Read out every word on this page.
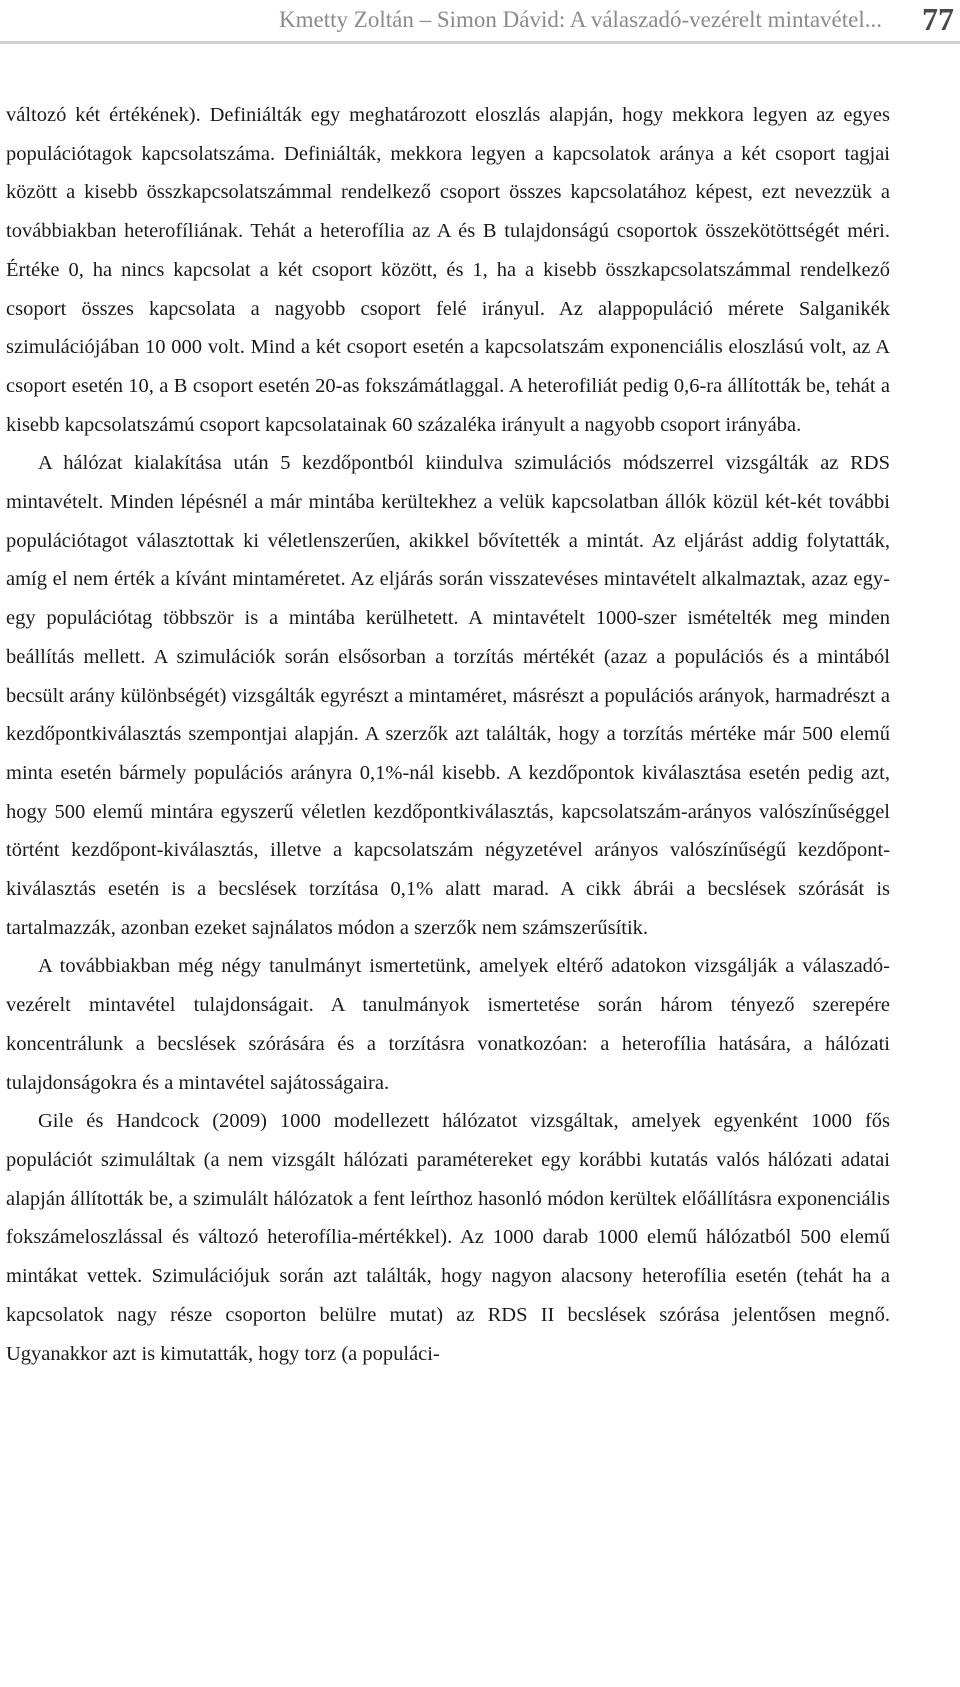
Kmetty Zoltán – Simon Dávid: A válaszadó-vezérelt mintavétel... 77

változó két értékének). Definiálták egy meghatározott eloszlás alapján, hogy mekkora legyen az egyes populációtagok kapcsolatszáma. Definiálták, mekkora legyen a kapcsolatok aránya a két csoport tagjai között a kisebb összkapcsolatszámmal rendelkező csoport összes kapcsolatához képest, ezt nevezzük a továbbiakban heterofíliának. Tehát a heterofília az A és B tulajdonságú csoportok összekötöttségét méri. Értéke 0, ha nincs kapcsolat a két csoport között, és 1, ha a kisebb összkapcsolatszámmal rendelkező csoport összes kapcsolata a nagyobb csoport felé irányul. Az alappopuláció mérete Salganikék szimulációjában 10 000 volt. Mind a két csoport esetén a kapcsolatszám exponenciális eloszlású volt, az A csoport esetén 10, a B csoport esetén 20-as fokszámátlaggal. A heterofiliát pedig 0,6-ra állították be, tehát a kisebb kapcsolatszámú csoport kapcsolatainak 60 százaléka irányult a nagyobb csoport irányába.

A hálózat kialakítása után 5 kezdőpontból kiindulva szimulációs módszerrel vizsgálták az RDS mintavételt. Minden lépésnél a már mintába kerültekhez a velük kapcsolatban állók közül két-két további populációtagot választottak ki véletlenszerűen, akikkel bővítették a mintát. Az eljárást addig folytatták, amíg el nem érték a kívánt mintaméretet. Az eljárás során visszatevéses mintavételt alkalmaztak, azaz egy-egy populációtag többször is a mintába kerülhetett. A mintavételt 1000-szer ismételték meg minden beállítás mellett. A szimulációk során elsősorban a torzítás mértékét (azaz a populációs és a mintából becsült arány különbségét) vizsgálták egyrészt a mintaméret, másrészt a populációs arányok, harmadrészt a kezdőpontkiválasztás szempontjai alapján. A szerzők azt találták, hogy a torzítás mértéke már 500 elemű minta esetén bármely populációs arányra 0,1%-nál kisebb. A kezdőpontok kiválasztása esetén pedig azt, hogy 500 elemű mintára egyszerű véletlen kezdőpontkiválasztás, kapcsolatszám-arányos valószínűséggel történt kezdőpont-kiválasztás, illetve a kapcsolatszám négyzetével arányos valószínűségű kezdőpont-kiválasztás esetén is a becslések torzítása 0,1% alatt marad. A cikk ábrái a becslések szórását is tartalmazzák, azonban ezeket sajnálatos módon a szerzők nem számszerűsítik.

A továbbiakban még négy tanulmányt ismertetünk, amelyek eltérő adatokon vizsgálják a válaszadó-vezérelt mintavétel tulajdonságait. A tanulmányok ismertetése során három tényező szerepére koncentrálunk a becslések szórására és a torzításra vonatkozóan: a heterofília hatására, a hálózati tulajdonságokra és a mintavétel sajátosságaira.

Gile és Handcock (2009) 1000 modellezett hálózatot vizsgáltak, amelyek egyenként 1000 fős populációt szimuláltak (a nem vizsgált hálózati paramétereket egy korábbi kutatás valós hálózati adatai alapján állították be, a szimulált hálózatok a fent leírthoz hasonló módon kerültek előállításra exponenciális fokszámeloszlással és változó heterofília-mértékkel). Az 1000 darab 1000 elemű hálózatból 500 elemű mintákat vettek. Szimulációjuk során azt találták, hogy nagyon alacsony heterofília esetén (tehát ha a kapcsolatok nagy része csoporton belülre mutat) az RDS II becslések szórása jelentősen megnő. Ugyanakkor azt is kimutatták, hogy torz (a populáci-
